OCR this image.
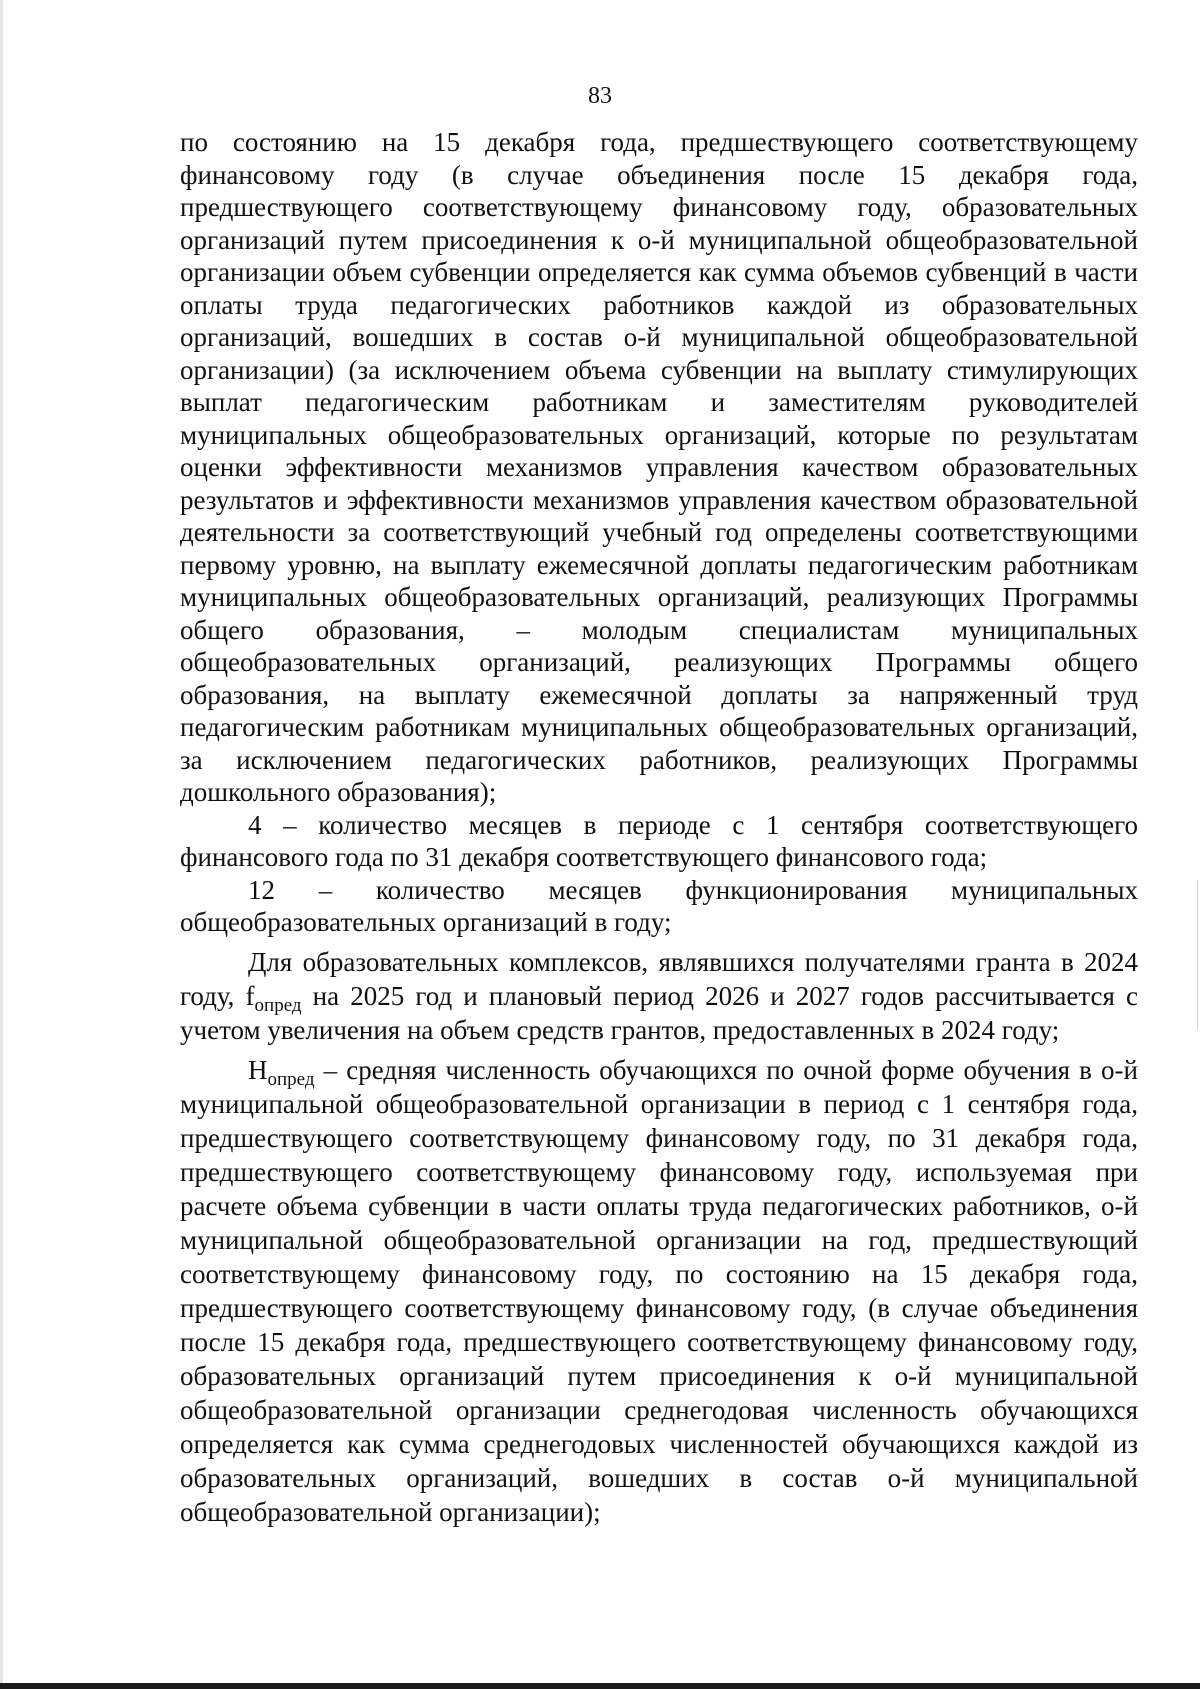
83

по состоянию на 15 декабря года, предшествующего соответствующему финансовому году (в случае объединения после 15 декабря года, предшествующего соответствующему финансовому году, образовательных организаций путем присоединения к о-й муниципальной общеобразовательной организации объем субвенции определяется как сумма объемов субвенций в части оплаты труда педагогических работников каждой из образовательных организаций, вошедших в состав о-й муниципальной общеобразовательной организации) (за исключением объема субвенции на выплату стимулирующих выплат педагогическим работникам и заместителям руководителей муниципальных общеобразовательных организаций, которые по результатам оценки эффективности механизмов управления качеством образовательных результатов и эффективности механизмов управления качеством образовательной деятельности за соответствующий учебный год определены соответствующими первому уровню, на выплату ежемесячной доплаты педагогическим работникам муниципальных общеобразовательных организаций, реализующих Программы общего образования, – молодым специалистам муниципальных общеобразовательных организаций, реализующих Программы общего образования, на выплату ежемесячной доплаты за напряженный труд педагогическим работникам муниципальных общеобразовательных организаций, за исключением педагогических работников, реализующих Программы дошкольного образования);

4 – количество месяцев в периоде с 1 сентября соответствующего финансового года по 31 декабря соответствующего финансового года;

12 – количество месяцев функционирования муниципальных общеобразовательных организаций в году;

Для образовательных комплексов, являвшихся получателями гранта в 2024 году, $f_{опред}$ на 2025 год и плановый период 2026 и 2027 годов рассчитывается с учетом увеличения на объем средств грантов, предоставленных в 2024 году;

$Н_{опред}$ – средняя численность обучающихся по очной форме обучения в о-й муниципальной общеобразовательной организации в период с 1 сентября года, предшествующего соответствующему финансовому году, по 31 декабря года, предшествующего соответствующему финансовому году, используемая при расчете объема субвенции в части оплаты труда педагогических работников, о-й муниципальной общеобразовательной организации на год, предшествующий соответствующему финансовому году, по состоянию на 15 декабря года, предшествующего соответствующему финансовому году, (в случае объединения после 15 декабря года, предшествующего соответствующему финансовому году, образовательных организаций путем присоединения к о-й муниципальной общеобразовательной организации среднегодовая численность обучающихся определяется как сумма среднегодовых численностей обучающихся каждой из образовательных организаций, вошедших в состав о-й муниципальной общеобразовательной организации);
